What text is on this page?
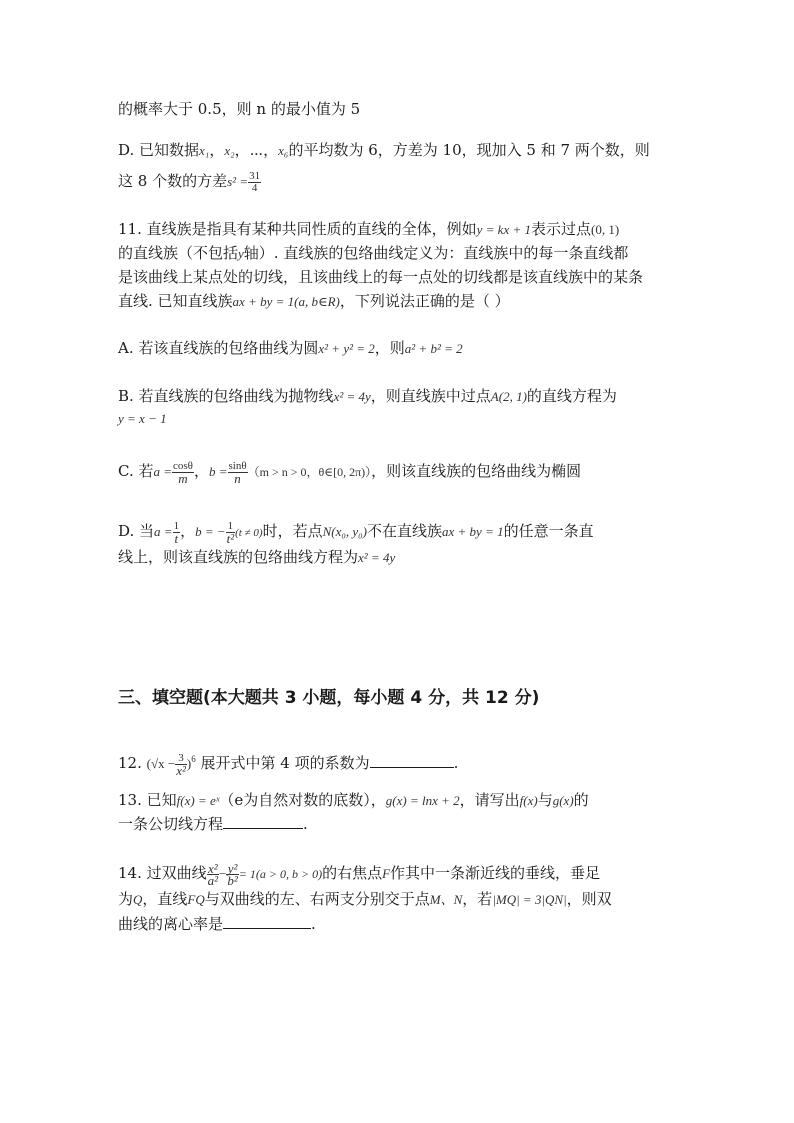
的概率大于 0.5，则 n 的最小值为 5
D. 已知数据x₁，x₂，⋯，x₆的平均数为 6，方差为 10，现加入 5 和 7 两个数，则
这 8 个数的方差$s^2 = \frac{31}{4}$
11. 直线族是指具有某种共同性质的直线的全体，例如y = kx + 1表示过点(0, 1)
的直线族（不包括y轴）. 直线族的包络曲线定义为：直线族中的每一条直线都
是该曲线上某点处的切线，且该曲线上的每一点处的切线都是该直线族中的某条
直线. 已知直线族ax + by = 1(a, b∈R)，下列说法正确的是（ ）
A. 若该直线族的包络曲线为圆x² + y² = 2，则a² + b² = 2
B. 若直线族的包络曲线为抛物线x² = 4y，则直线族中过点A(2, 1)的直线方程为
y = x − 1
C. 若$a = \frac{\cos\theta}{m}$ ，$b = \frac{\sin\theta}{n} (m > n > 0$，θ∈[0, 2π)），则该直线族的包络曲线为椭圆
D. 当$a = \frac{1}{t}$ ，b = − $\frac{1}{\text{t²}} (t \ne 0)$时，若点N(x₀, y₀)不在直线族ax + by = 1的任意一条直
线上，则该直线族的包络曲线方程为x² = 4y
三、填空题(本大题共 3 小题，每小题 4 分，共 12 分)
12. $(√x - \frac{3}{\text{x²}} )^6$ 展开式中第 4 项的系数为	.
13. 已知f(x) = eˣ（e为自然对数的底数），g(x) = lnx + 2，请写出f(x)与g(x)的
一条公切线方程	.
14. 过双曲线 $\frac{\text{x²}}{\text{a²}} - \frac{\text{y²}}{\text{b²}} = 1(a > 0$, b > 0)的右焦点F作其中一条渐近线的垂线，垂足
为Q，直线FQ与双曲线的左、右两支分别交于点M、N，若|MQ| = 3|QN|，则双
曲线的离心率是	.
